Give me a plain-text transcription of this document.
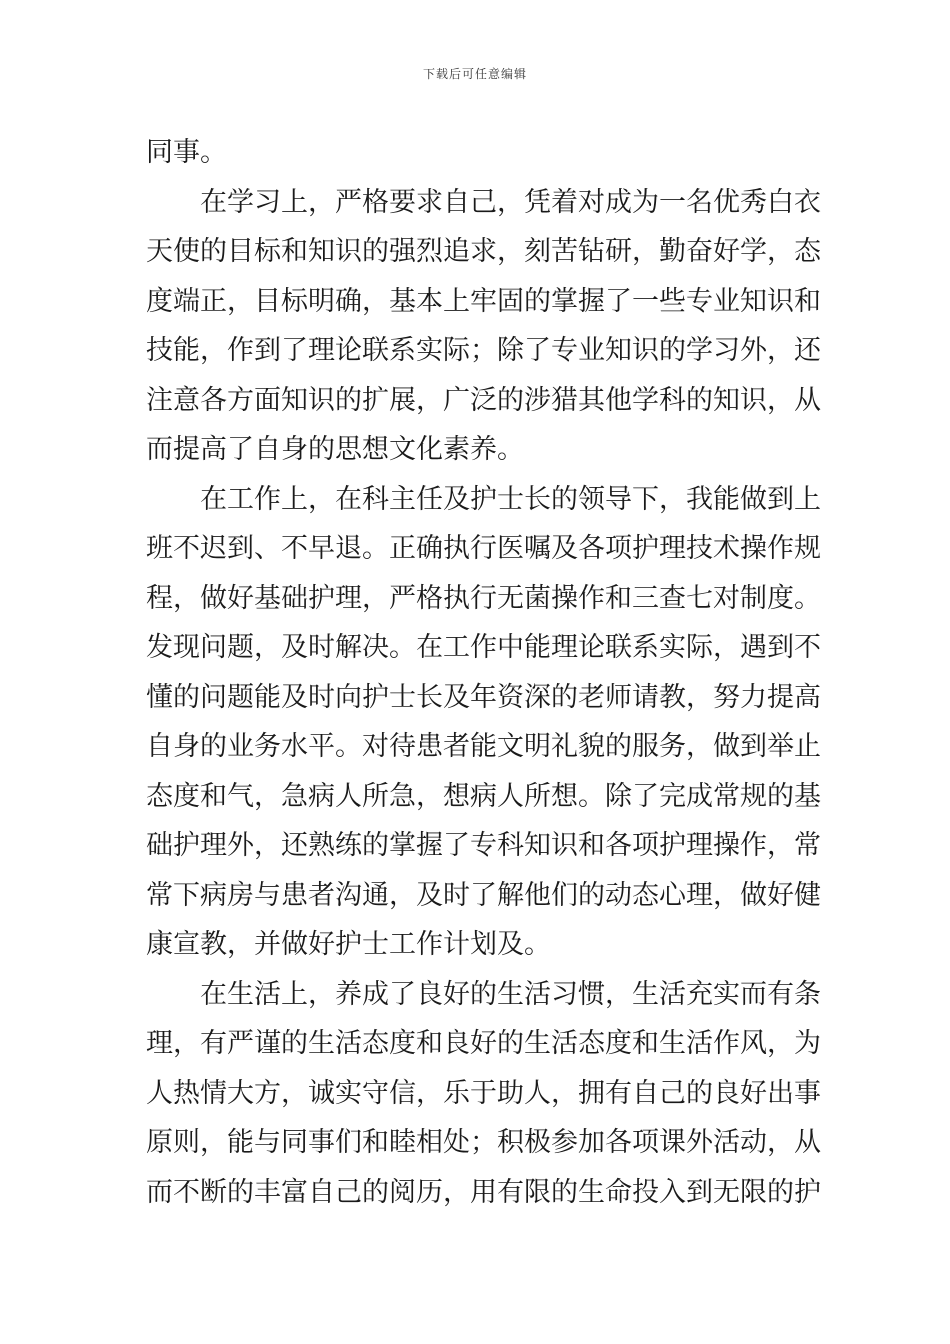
下载后可任意编辑
同事。
在学习上，严格要求自己，凭着对成为一名优秀白衣
天使的目标和知识的强烈追求，刻苦钻研，勤奋好学，态
度端正，目标明确，基本上牢固的掌握了一些专业知识和
技能，作到了理论联系实际；除了专业知识的学习外，还
注意各方面知识的扩展，广泛的涉猎其他学科的知识，从
而提高了自身的思想文化素养。
在工作上，在科主任及护士长的领导下，我能做到上
班不迟到、不早退。正确执行医嘱及各项护理技术操作规
程，做好基础护理，严格执行无菌操作和三查七对制度。
发现问题，及时解决。在工作中能理论联系实际，遇到不
懂的问题能及时向护士长及年资深的老师请教，努力提高
自身的业务水平。对待患者能文明礼貌的服务，做到举止
态度和气，急病人所急，想病人所想。除了完成常规的基
础护理外，还熟练的掌握了专科知识和各项护理操作，常
常下病房与患者沟通，及时了解他们的动态心理，做好健
康宣教，并做好护士工作计划及。
在生活上，养成了良好的生活习惯，生活充实而有条
理，有严谨的生活态度和良好的生活态度和生活作风，为
人热情大方，诚实守信，乐于助人，拥有自己的良好出事
原则，能与同事们和睦相处；积极参加各项课外活动，从
而不断的丰富自己的阅历，用有限的生命投入到无限的护
